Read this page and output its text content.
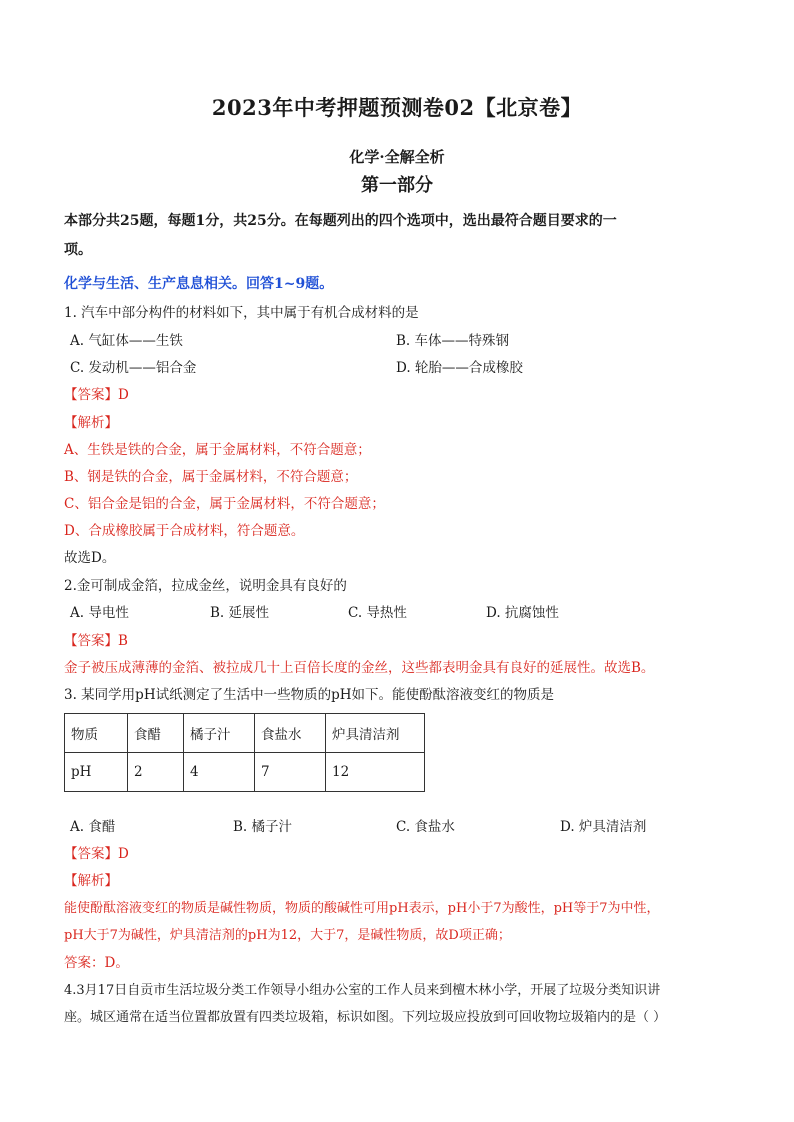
2023年中考押题预测卷02【北京卷】
化学·全解全析
第一部分
本部分共25题，每题1分，共25分。在每题列出的四个选项中，选出最符合题目要求的一
项。
化学与生活、生产息息相关。回答1~9题。
1. 汽车中部分构件的材料如下，其中属于有机合成材料的是
A. 气缸体——生铁	B. 车体——特殊钢
C. 发动机——铝合金	D. 轮胎——合成橡胶
【答案】D
【解析】
A、生铁是铁的合金，属于金属材料，不符合题意；
B、钢是铁的合金，属于金属材料，不符合题意；
C、铝合金是铝的合金，属于金属材料，不符合题意；
D、合成橡胶属于合成材料，符合题意。
故选D。
2.金可制成金箔，拉成金丝，说明金具有良好的
A. 导电性	B. 延展性	C. 导热性	D. 抗腐蚀性
【答案】B
金子被压成薄薄的金箔、被拉成几十上百倍长度的金丝，这些都表明金具有良好的延展性。故选B。
3. 某同学用pH试纸测定了生活中一些物质的pH如下。能使酚酞溶液变红的物质是
物质	食醋	橘子汁	食盐水	炉具清洁剂
pH	2	4	7	12
A. 食醋	B. 橘子汁	C. 食盐水	D. 炉具清洁剂
【答案】D
【解析】
能使酚酞溶液变红的物质是碱性物质，物质的酸碱性可用pH表示，pH小于7为酸性，pH等于7为中性，
pH大于7为碱性，炉具清洁剂的pH为12，大于7，是碱性物质，故D项正确；
答案：D。
4.3月17日自贡市生活垃圾分类工作领导小组办公室的工作人员来到檀木林小学，开展了垃圾分类知识讲
座。城区通常在适当位置都放置有四类垃圾箱，标识如图。下列垃圾应投放到可回收物垃圾箱内的是（ ）
